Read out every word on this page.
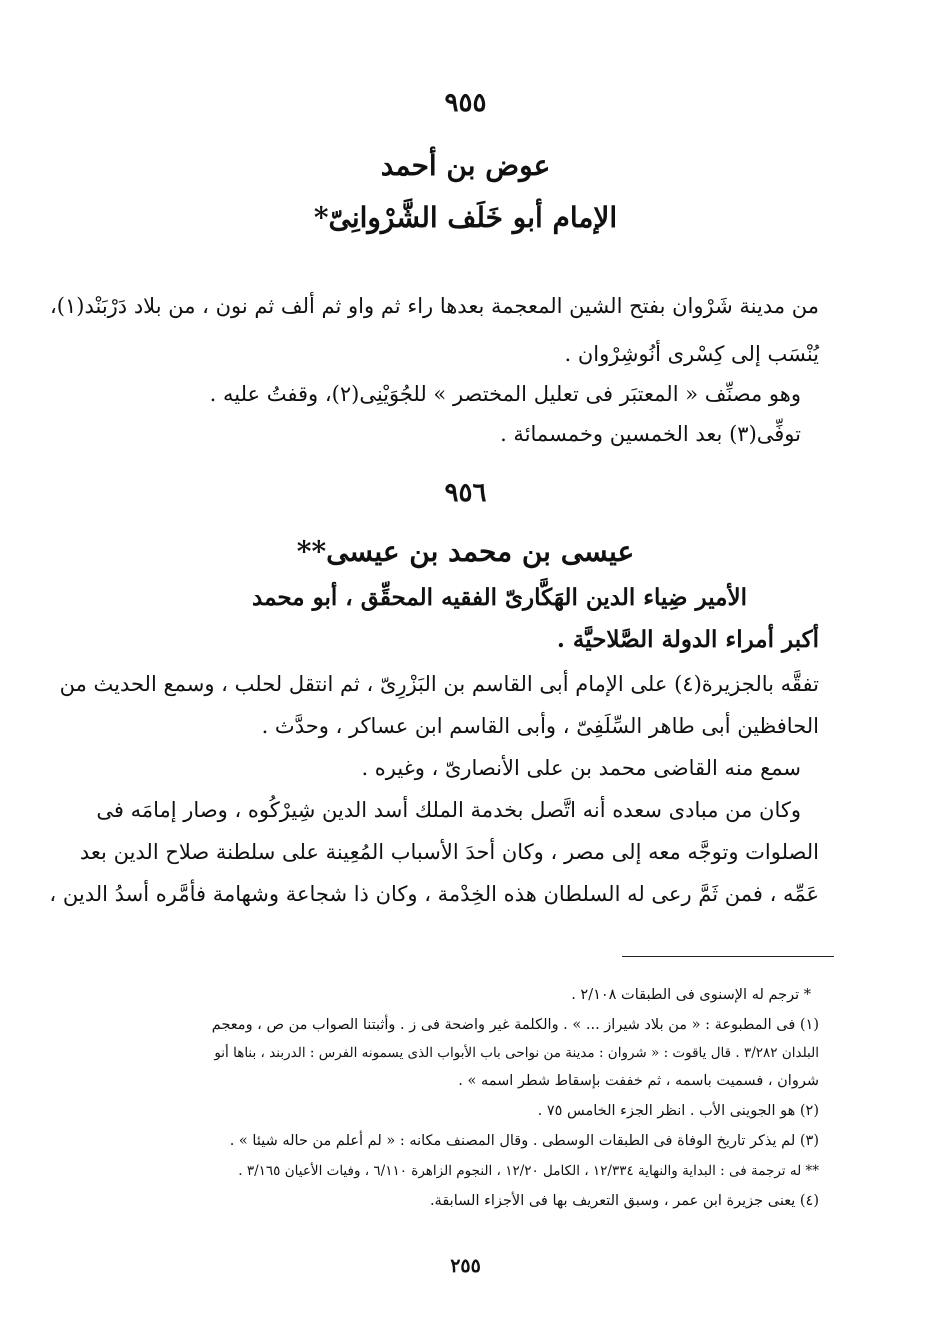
٩٥٥
عوض بن أحمد
الإمام أبو خَلَف الشَّرْوانِىّ*
من مدينة شَرْوان بفتح الشين المعجمة بعدها راء ثم واو ثم ألف ثم نون ، من بلاد دَرْبَنْد(١)،
يُنْسَب إلى كِسْرى أنُوشِرْوان .
وهو مصنِّف « المعتبَر فى تعليل المختصر » للجُوَيْنِى(٢)، وقفتُ عليه .
توفِّى(٣) بعد الخمسين وخمسمائة .
٩٥٦
عيسى بن محمد بن عيسى**
الأمير ضِياء الدين الهَكَّارىّ الفقيه المحقِّق ، أبو محمد
أكبر أمراء الدولة الصَّلاحيَّة .
تفقَّه بالجزيرة(٤) على الإمام أبى القاسم بن البَزْرِىّ ، ثم انتقل لحلب ، وسمع الحديث من
الحافظين أبى طاهر السِّلَفِىّ ، وأبى القاسم ابن عساكر ، وحدَّث .
سمع منه القاضى محمد بن على الأنصارىّ ، وغيره .
وكان من مبادى سعده أنه اتَّصل بخدمة الملك أسد الدين شِيرْكُوه ، وصار إمامَه فى
الصلوات وتوجَّه معه إلى مصر ، وكان أحدَ الأسباب المُعِينة على سلطنة صلاح الدين بعد
عَمِّه ، فمن ثَمَّ رعى له السلطان هذه الخِدْمة ، وكان ذا شجاعة وشهامة فأمَّره أسدُ الدين ،
* ترجم له الإسنوى فى الطبقات ٢/١٠٨ .
(١) فى المطبوعة : « من بلاد شيراز ... » . والكلمة غير واضحة فى ز . وأثبتنا الصواب من ص ، ومعجم
البلدان ٣/٢٨٢ . قال ياقوت : « شروان : مدينة من نواحى باب الأبواب الذى يسمونه الفرس : الدربند ، بناها أنو
شروان ، فسميت باسمه ، ثم خففت بإسقاط شطر اسمه » .
(٢) هو الجوينى الأب . انظر الجزء الخامس ٧٥ .
(٣) لم يذكر تاريخ الوفاة فى الطبقات الوسطى . وقال المصنف مكانه : « لم أعلم من حاله شيئا » .
** له ترجمة فى : البداية والنهاية ١٢/٣٣٤ ، الكامل ١٢/٢٠ ، النجوم الزاهرة ٦/١١٠ ، وفيات الأعيان ٣/١٦٥ .
(٤) يعنى جزيرة ابن عمر ، وسبق التعريف بها فى الأجزاء السابقة.
٢٥٥
